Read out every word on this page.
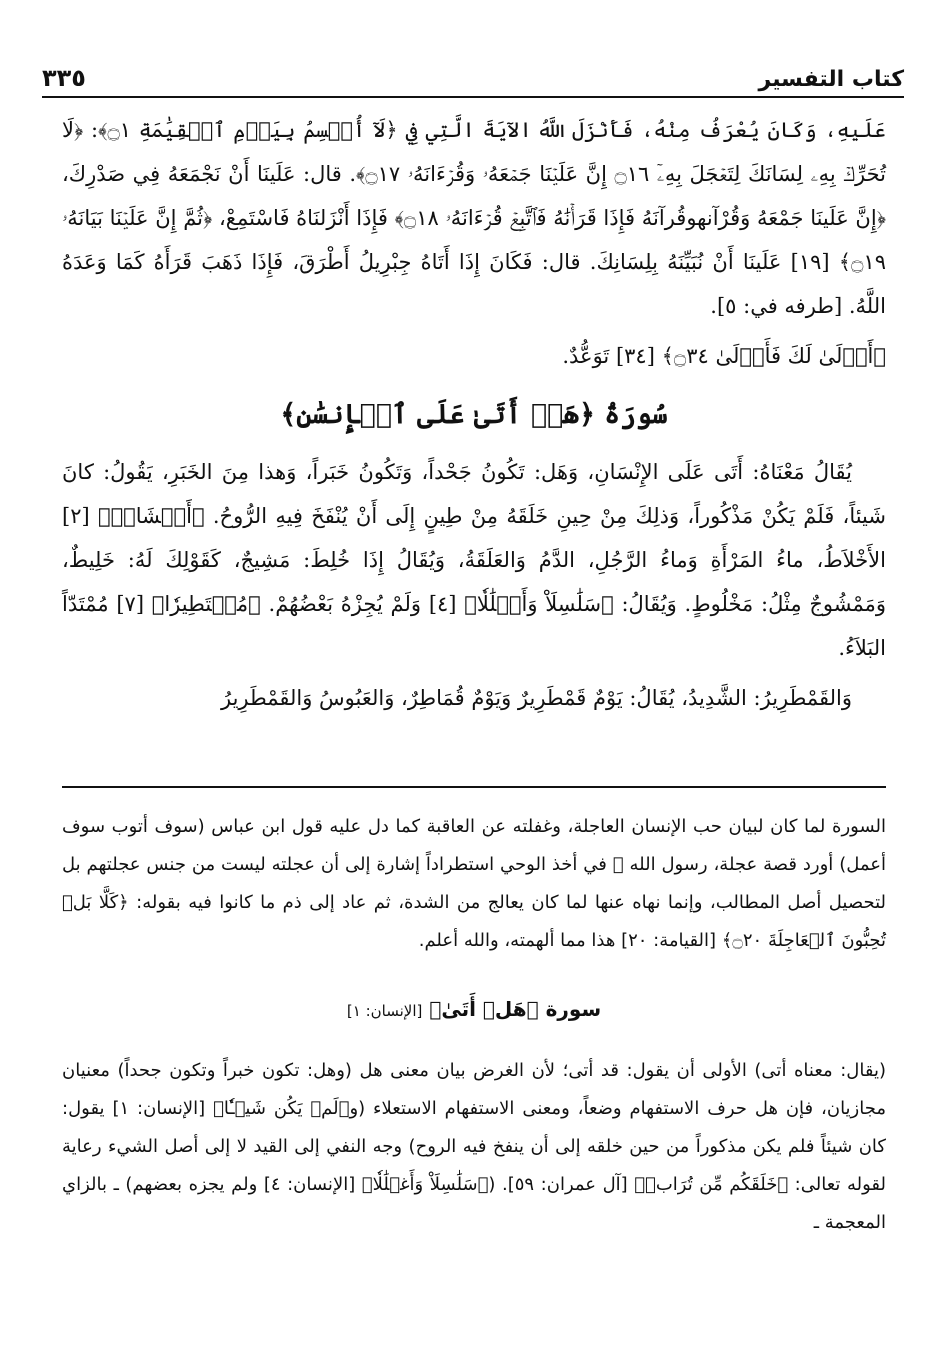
٣٣٥	كتاب التفسير

عَلَيهِ، وَكَانَ يُعْرَفُ مِنْهُ، فَأَنْزَلَ اللَّهُ الآيَةَ الَّتِي فِي ﴿لَآ أُقۡسِمُ بِيَوۡمِ ٱلۡقِيَٰمَةِ ۝١﴾: ﴿لَا تُحَرِّكۡ بِهِۦ لِسَانَكَ لِتَعۡجَلَ بِهِۦٓ ۝١٦ إِنَّ عَلَيۡنَا جَمۡعَهُۥ وَقُرۡءَانَهُۥ ۝١٧﴾. قال: عَلَينَا أَنْ نَجْمَعَهُ فِي صَدْرِكَ، ﴿إِنَّ عَلَينَا جَمْعَهُ وَقُرْآنهوقُرآنَهُ فَإِذَا قَرَأۡنَٰهُ فَٱتَّبِعۡ قُرۡءَانَهُۥ ۝١٨﴾ فَإِذَا أَنْزَلنَاهُ فَاسْتَمِعْ، ﴿ثُمَّ إِنَّ عَلَيۡنَا بَيَانَهُۥ ۝١٩﴾ [١٩] عَلَينَا أَنْ نُبَيِّنَهُ بِلِسَانِكَ. قال: فَكَانَ إِذَا أَتَاهُ جِبْرِيلُ أَطْرَقَ، فَإِذَا ذَهَبَ قَرَأَهُ كَمَا وَعَدَهُ اللَّهُ. [طرفه في: ٥].

﴿أَوۡلَىٰ لَكَ فَأَوۡلَىٰ ۝٣٤﴾ [٣٤] تَوَعُّدٌ.

سُورَةُ ﴿هَلۡ أَتَىٰ عَلَى ٱلۡإِنسَٰنِ﴾

يُقَالُ مَعْنَاهُ: أَتَى عَلَى الإِنْسَانِ، وَهَل: تَكُونُ جَحْداً، وَتَكُونُ خَبَراً، وَهذا مِنَ الخَبَرِ، يَقُولُ: كانَ شَيئاً، فَلَمْ يَكُنْ مَذْكُوراً، وَذلِكَ مِنْ حِينِ خَلَقَهُ مِنْ طِينٍ إِلَى أَنْ يُنْفَخَ فِيهِ الرُّوحُ. ﴿أَمۡشَاجٖ﴾ [٢] الأَخْلاَطُ، ماءُ المَرْأَةِ وَماءُ الرَّجُلِ، الدَّمُ وَالعَلَقَةُ، وَيُقَالُ إِذَا خُلِطَ: مَشِيجٌ، كَقَوْلِكَ لَهُ: خَلِيطٌ، وَمَمْشُوجٌ مِثْلُ: مَخْلُوطٍ. وَيُقَالُ: ﴿سَلَٰسِلَاْ وَأَغۡلَٰلٗا﴾ [٤] وَلَمْ يُجِزْهُ بَعْضُهُمْ. ﴿مُسۡتَطِيرٗا﴾ [٧] مُمْتَدّاً البَلاَءُ.

وَالقَمْطَرِيرُ: الشَّدِيدُ، يُقَالُ: يَوْمٌ قَمْطَرِيرٌ وَيَوْمٌ قُمَاطِرٌ، وَالعَبُوسُ وَالقَمْطَرِيرُ

السورة لما كان لبيان حب الإنسان العاجلة، وغفلته عن العاقبة كما دل عليه قول ابن عباس (سوف أتوب سوف أعمل) أورد قصة عجلة، رسول الله ﷺ في أخذ الوحي استطراداً إشارة إلى أن عجلته ليست من جنس عجلتهم بل لتحصيل أصل المطالب، وإنما نهاه عنها لما كان يعالج من الشدة، ثم عاد إلى ذم ما كانوا فيه بقوله: ﴿كَلَّا بَلۡ تُحِبُّونَ ٱلۡعَاجِلَةَ ۝٢٠﴾ [القيامة: ٢٠] هذا مما ألهمته، والله أعلم.

سورة ﴿هَلۡ أَتَىٰ﴾ [الإنسان: ١]

(يقال: معناه أتى) الأولى أن يقول: قد أتى؛ لأن الغرض بيان معنى هل (وهل: تكون خبراً وتكون جحداً) معنيان مجازيان، فإن هل حرف الاستفهام وضعاً، ومعنى الاستفهام الاستعلاء (و﴿لَمۡ يَكُن شَيۡـٔٗا﴾ [الإنسان: ١] يقول: كان شيئاً فلم يكن مذكوراً من حين خلقه إلى أن ينفخ فيه الروح) وجه النفي إلى القيد لا إلى أصل الشيء رعاية لقوله تعالى: ﴿خَلَقَكُم مِّن تُرَابٖ﴾ [آل عمران: ٥٩]. (﴿سَلَٰسِلَاْ وَأَغۡلَٰلٗا﴾ [الإنسان: ٤] ولم يجزه بعضهم) ـ بالزاي المعجمة ـ
